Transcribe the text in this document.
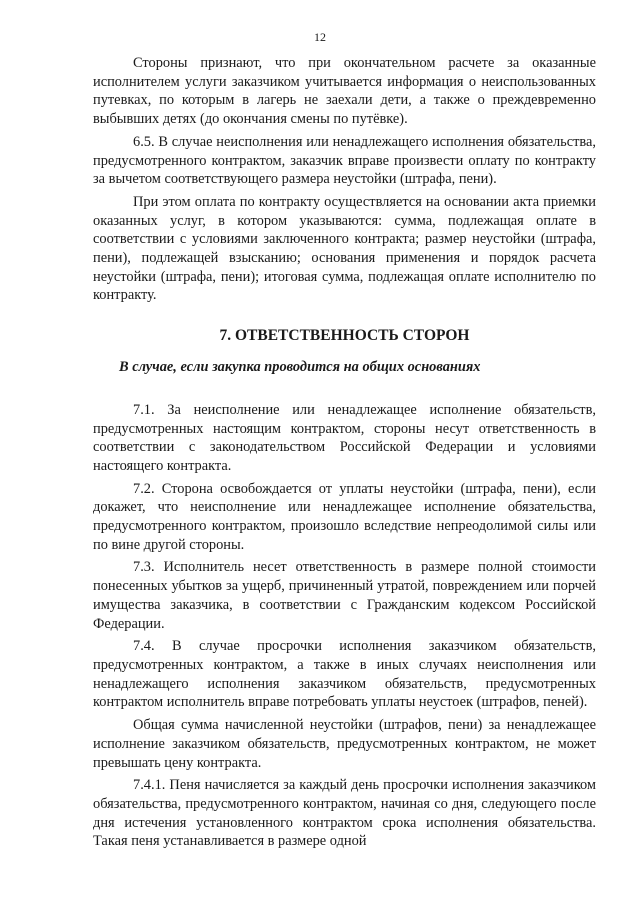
12

Стороны признают, что при окончательном расчете за оказанные исполнителем услуги заказчиком учитывается информация о неиспользованных путевках, по которым в лагерь не заехали дети, а также о преждевременно выбывших детях (до окончания смены по путёвке).

6.5. В случае неисполнения или ненадлежащего исполнения обязательства, предусмотренного контрактом, заказчик вправе произвести оплату по контракту за вычетом соответствующего размера неустойки (штрафа, пени).

При этом оплата по контракту осуществляется на основании акта приемки оказанных услуг, в котором указываются: сумма, подлежащая оплате в соответствии с условиями заключенного контракта; размер неустойки (штрафа, пени), подлежащей взысканию; основания применения и порядок расчета неустойки (штрафа, пени); итоговая сумма, подлежащая оплате исполнителю по контракту.

7. ОТВЕТСТВЕННОСТЬ СТОРОН

В случае, если закупка проводится на общих основаниях

7.1. За неисполнение или ненадлежащее исполнение обязательств, предусмотренных настоящим контрактом, стороны несут ответственность в соответствии с законодательством Российской Федерации и условиями настоящего контракта.

7.2. Сторона освобождается от уплаты неустойки (штрафа, пени), если докажет, что неисполнение или ненадлежащее исполнение обязательства, предусмотренного контрактом, произошло вследствие непреодолимой силы или по вине другой стороны.

7.3. Исполнитель несет ответственность в размере полной стоимости понесенных убытков за ущерб, причиненный утратой, повреждением или порчей имущества заказчика, в соответствии с Гражданским кодексом Российской Федерации.

7.4. В случае просрочки исполнения заказчиком обязательств, предусмотренных контрактом, а также в иных случаях неисполнения или ненадлежащего исполнения заказчиком обязательств, предусмотренных контрактом исполнитель вправе потребовать уплаты неустоек (штрафов, пеней).

Общая сумма начисленной неустойки (штрафов, пени) за ненадлежащее исполнение заказчиком обязательств, предусмотренных контрактом, не может превышать цену контракта.

7.4.1. Пеня начисляется за каждый день просрочки исполнения заказчиком обязательства, предусмотренного контрактом, начиная со дня, следующего после дня истечения установленного контрактом срока исполнения обязательства. Такая пеня устанавливается в размере одной
